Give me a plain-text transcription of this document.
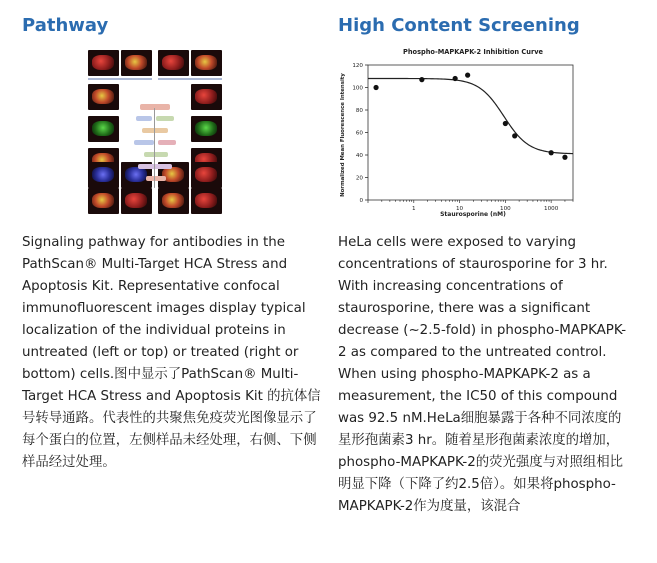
Pathway
Signaling pathway for antibodies in the PathScan® Multi-Target HCA Stress and Apoptosis Kit. Representative confocal immunofluorescent images display typical localization of the individual proteins in untreated (left or top) or treated (right or bottom) cells.图中显示了PathScan® Multi-Target HCA Stress and Apoptosis Kit 的抗体信号转导通路。代表性的共聚焦免疫荧光图像显示了每个蛋白的位置，左侧样品未经处理，右侧、下侧样品经过处理。
High Content Screening
Phospho-MAPKAPK-2 Inhibition Curve
1	10	100	1000
0
20
40
60
80
100
120
Staurosporine (nM)
Normalized Mean Fluorescence Intensity
HeLa cells were exposed to varying concentrations of staurosporine for 3 hr. With increasing concentrations of staurosporine, there was a significant decrease (~2.5-fold) in phospho-MAPKAPK-2 as compared to the untreated control. When using phospho-MAPKAPK-2 as a measurement, the IC50 of this compound was 92.5 nM.HeLa细胞暴露于各种不同浓度的星形孢菌素3 hr。随着星形孢菌素浓度的增加，phospho-MAPKAPK-2的荧光强度与对照组相比明显下降（下降了约2.5倍）。如果将phospho-MAPKAPK-2作为度量，该混合
